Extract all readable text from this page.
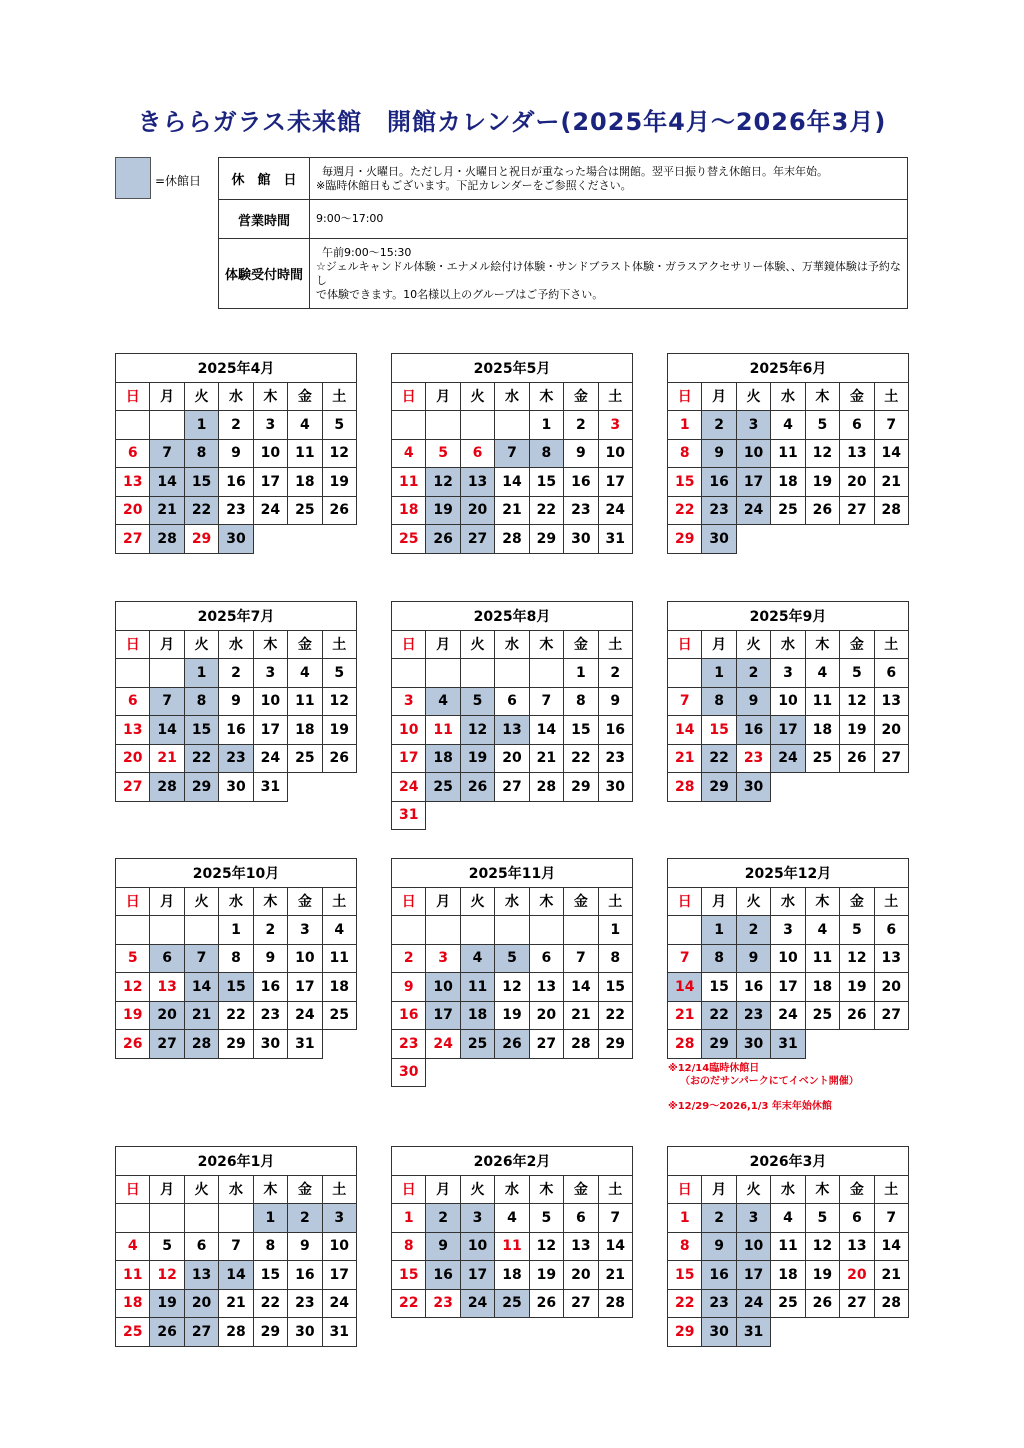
きららガラス未来館　開館カレンダー(2025年4月～2026年3月)
=休館日 休　館　日	毎週月・火曜日。ただし月・火曜日と祝日が重なった場合は開館。翌平日振り替え休館日。年末年始。
※臨時休館日もございます。下記カレンダーをご参照ください。

営業時間	9:00～17:00

体験受付時間	午前9:00～15:30
☆ジェルキャンドル体験・エナメル絵付け体験・サンドブラスト体験・ガラスアクセサリー体験、、万華鏡体験は予約なし
で体験できます。10名様以上のグループはご予約下さい。
2025年4月						
日	月	火	水	木	金	土
		1	2	3	4	5
6	7	8	9	10	11	12
13	14	15	16	17	18	19
20	21	22	23	24	25	26
27	28	29	30			
2025年5月						
日	月	火	水	木	金	土
				1	2	3
4	5	6	7	8	9	10
11	12	13	14	15	16	17
18	19	20	21	22	23	24
25	26	27	28	29	30	31
2025年6月						
日	月	火	水	木	金	土
1	2	3	4	5	6	7
8	9	10	11	12	13	14
15	16	17	18	19	20	21
22	23	24	25	26	27	28
29	30					
2025年7月						
日	月	火	水	木	金	土
		1	2	3	4	5
6	7	8	9	10	11	12
13	14	15	16	17	18	19
20	21	22	23	24	25	26
27	28	29	30	31		
2025年8月						
日	月	火	水	木	金	土
					1	2
3	4	5	6	7	8	9
10	11	12	13	14	15	16
17	18	19	20	21	22	23
24	25	26	27	28	29	30
31						
2025年9月						
日	月	火	水	木	金	土
	1	2	3	4	5	6
7	8	9	10	11	12	13
14	15	16	17	18	19	20
21	22	23	24	25	26	27
28	29	30				
2025年10月						
日	月	火	水	木	金	土
			1	2	3	4
5	6	7	8	9	10	11
12	13	14	15	16	17	18
19	20	21	22	23	24	25
26	27	28	29	30	31	
2025年11月						
日	月	火	水	木	金	土
						1
2	3	4	5	6	7	8
9	10	11	12	13	14	15
16	17	18	19	20	21	22
23	24	25	26	27	28	29
30						
2025年12月						
日	月	火	水	木	金	土
	1	2	3	4	5	6
7	8	9	10	11	12	13
14	15	16	17	18	19	20
21	22	23	24	25	26	27
28	29	30	31			
2026年1月						
日	月	火	水	木	金	土
				1	2	3
4	5	6	7	8	9	10
11	12	13	14	15	16	17
18	19	20	21	22	23	24
25	26	27	28	29	30	31
2026年2月						
日	月	火	水	木	金	土
1	2	3	4	5	6	7
8	9	10	11	12	13	14
15	16	17	18	19	20	21
22	23	24	25	26	27	28
2026年3月						
日	月	火	水	木	金	土
1	2	3	4	5	6	7
8	9	10	11	12	13	14
15	16	17	18	19	20	21
22	23	24	25	26	27	28
29	30	31				
※12/14臨時休館日
（おのだサンパークにてイベント開催）
※12/29～2026,1/3 年末年始休館
